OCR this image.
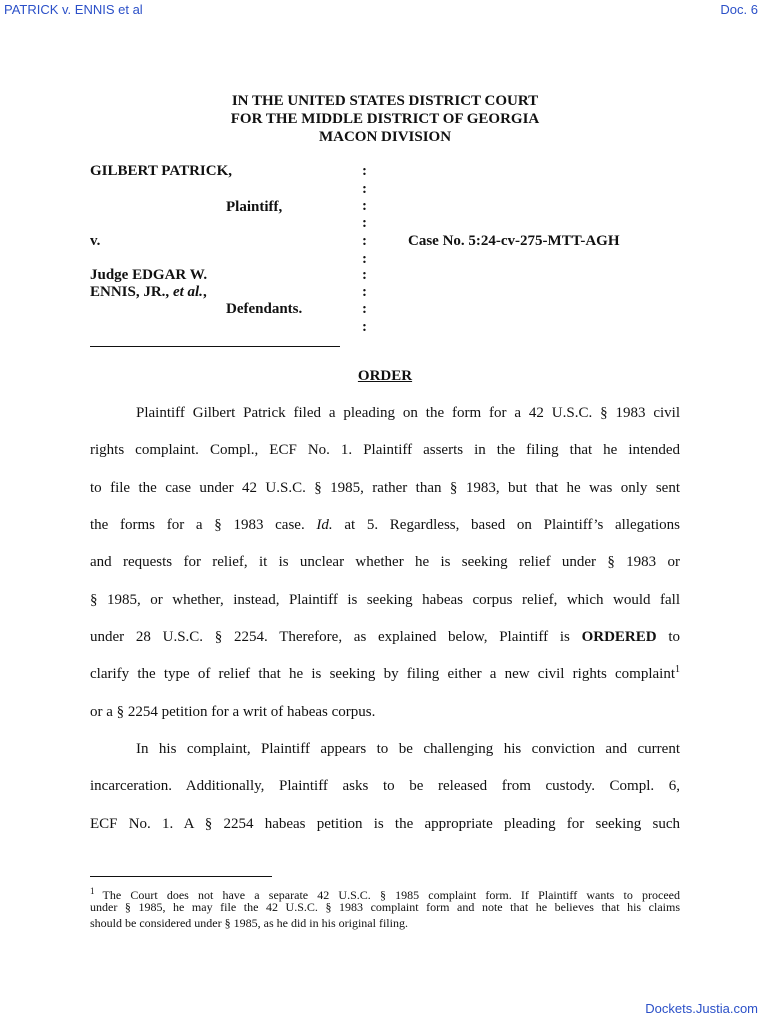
PATRICK v. ENNIS et al	Doc. 6
IN THE UNITED STATES DISTRICT COURT
FOR THE MIDDLE DISTRICT OF GEORGIA
MACON DIVISION
GILBERT PATRICK,
Plaintiff,
v.
Judge EDGAR W.
ENNIS, JR., et al.,
Defendants.
Case No. 5:24-cv-275-MTT-AGH
:
:
:
:
:
:
:
:
:
:
ORDER
Plaintiff Gilbert Patrick filed a pleading on the form for a 42 U.S.C. § 1983 civil
rights complaint. Compl., ECF No. 1. Plaintiff asserts in the filing that he intended
to file the case under 42 U.S.C. § 1985, rather than § 1983, but that he was only sent
the forms for a § 1983 case. Id. at 5. Regardless, based on Plaintiff’s allegations
and requests for relief, it is unclear whether he is seeking relief under § 1983 or
§ 1985, or whether, instead, Plaintiff is seeking habeas corpus relief, which would fall
under 28 U.S.C. § 2254. Therefore, as explained below, Plaintiff is ORDERED to
clarify the type of relief that he is seeking by filing either a new civil rights complaint$^1$
or a § 2254 petition for a writ of habeas corpus.
In his complaint, Plaintiff appears to be challenging his conviction and current
incarceration. Additionally, Plaintiff asks to be released from custody. Compl. 6,
ECF No. 1. A § 2254 habeas petition is the appropriate pleading for seeking such
$^1$ The Court does not have a separate 42 U.S.C. § 1985 complaint form. If Plaintiff wants to proceed
under § 1985, he may file the 42 U.S.C. § 1983 complaint form and note that he believes that his claims
should be considered under § 1985, as he did in his original filing.
Dockets.Justia.com
